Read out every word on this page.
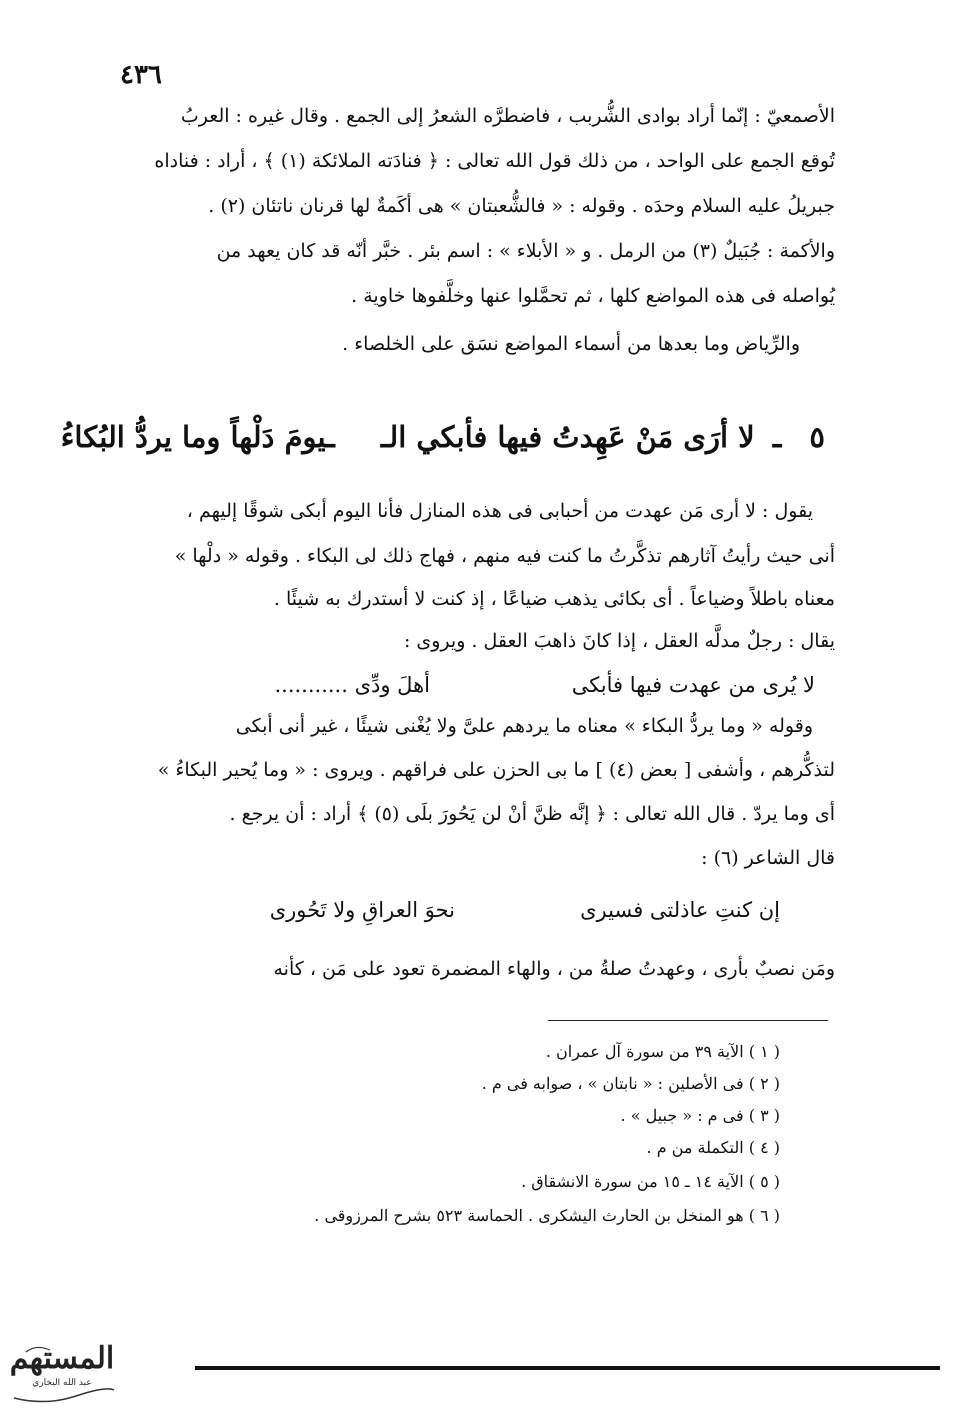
٤٣٦
الأصمعيّ : إنّما أراد بوادى الشُّربب ، فاضطرَّه الشعرُ إلى الجمع . وقال غيره : العربُ
تُوقع الجمع على الواحد ، من ذلك قول الله تعالى : ﴿ فنادَته الملائكة (١) ﴾ ، أراد : فناداه
جبريلُ عليه السلام وحدَه . وقوله : « فالشُّعبتان » هى أكَمةٌ لها قرنان ناتئان (٢) .
والأكمة : جُبَيلٌ (٣) من الرمل . و « الأبلاء » : اسم بئر . خبَّر أنّه قد كان يعهد من
يُواصله فى هذه المواضع كلها ، ثم تحمَّلوا عنها وخلَّفوها خاوية .
والرِّياض وما بعدها من أسماء المواضع نسَق على الخلصاء .
٥ ـ لا أرَى مَنْ عَهِدتُ فيها فأبكي الـ ـيومَ دَلْهاً وما يردُّ البُكاءُ
يقول : لا أرى مَن عهدت من أحبابى فى هذه المنازل فأنا اليوم أبكى شوقًا إليهم ،
أنى حيث رأيتُ آثارهم تذكَّرتُ ما كنت فيه منهم ، فهاج ذلك لى البكاء . وقوله « دلْها »
معناه باطلاً وضياعاً . أى بكائى يذهب ضياعًا ، إذ كنت لا أستدرك به شيئًا .
يقال : رجلٌ مدلَّه العقل ، إذا كانَ ذاهبَ العقل . ويروى :
لا يُرى من عهدت فيها فأبكى
أهلَ ودِّى ...........
وقوله « وما يردُّ البكاء » معناه ما يردهم علىَّ ولا يُغْنى شيئًا ، غير أنى أبكى
لتذكُّرهم ، وأشفى [ بعض (٤) ] ما بى الحزن على فراقهم . ويروى : « وما يُحير البكاءُ »
أى وما يردّ . قال الله تعالى : ﴿ إنَّه ظنَّ أنْ لن يَحُورَ بلَى (٥) ﴾ أراد : أن يرجع .
قال الشاعر (٦) :
إن كنتِ عاذلتى فسيرى
نحوَ العراقِ ولا تَحُورى
ومَن نصبٌ بأرى ، وعهدتُ صلةُ من ، والهاء المضمرة تعود على مَن ، كأنه
( ١ ) الآية ٣٩ من سورة آل عمران .
( ٢ ) فى الأصلين : « نابتان » ، صوابه فى م .
( ٣ ) فى م : « جبيل » .
( ٤ ) التكملة من م .
( ٥ ) الآية ١٤ ـ ١٥ من سورة الانشقاق .
( ٦ ) هو المنخل بن الحارث اليشكرى . الحماسة ٥٢٣ بشرح المرزوقى .
المستهم
عبد الله البخاري
